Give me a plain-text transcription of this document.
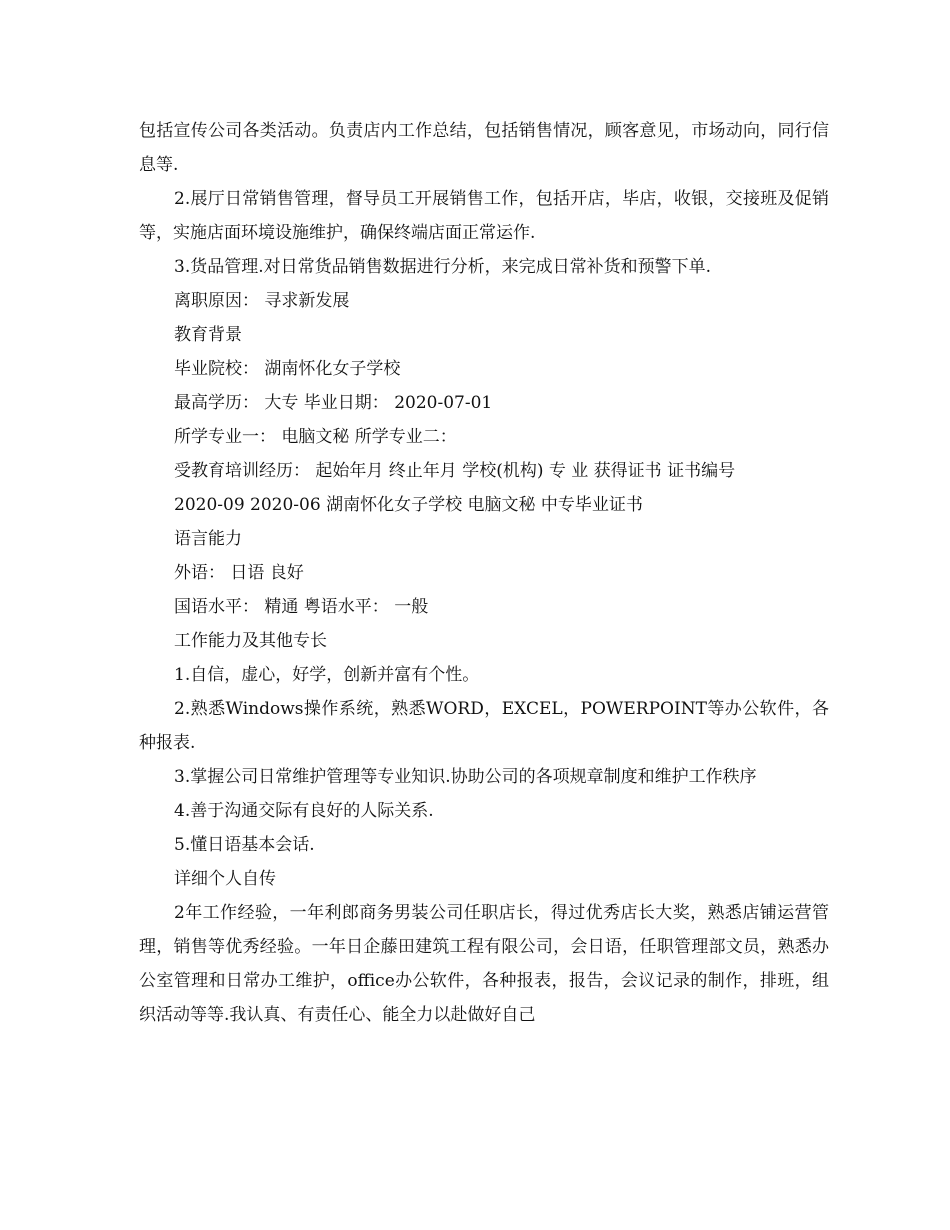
包括宣传公司各类活动。负责店内工作总结，包括销售情况，顾客意见，市场动向，同行信息等.

2.展厅日常销售管理，督导员工开展销售工作，包括开店，毕店，收银，交接班及促销等，实施店面环境设施维护，确保终端店面正常运作.

3.货品管理.对日常货品销售数据进行分析，来完成日常补货和预警下单.

离职原因： 寻求新发展

教育背景

毕业院校： 湖南怀化女子学校

最高学历： 大专 毕业日期： 2020-07-01

所学专业一： 电脑文秘 所学专业二：

受教育培训经历： 起始年月 终止年月 学校(机构) 专 业 获得证书 证书编号

2020-09 2020-06 湖南怀化女子学校 电脑文秘 中专毕业证书

语言能力

外语： 日语 良好

国语水平： 精通 粤语水平： 一般

工作能力及其他专长

1.自信，虚心，好学，创新并富有个性。

2.熟悉Windows操作系统，熟悉WORD，EXCEL，POWERPOINT等办公软件，各种报表.

3.掌握公司日常维护管理等专业知识.协助公司的各项规章制度和维护工作秩序

4.善于沟通交际有良好的人际关系.

5.懂日语基本会话.

详细个人自传

2年工作经验，一年利郎商务男装公司任职店长，得过优秀店长大奖，熟悉店铺运营管理，销售等优秀经验。一年日企藤田建筑工程有限公司，会日语，任职管理部文员，熟悉办公室管理和日常办工维护，office办公软件，各种报表，报告，会议记录的制作，排班，组织活动等等.我认真、有责任心、能全力以赴做好自己
